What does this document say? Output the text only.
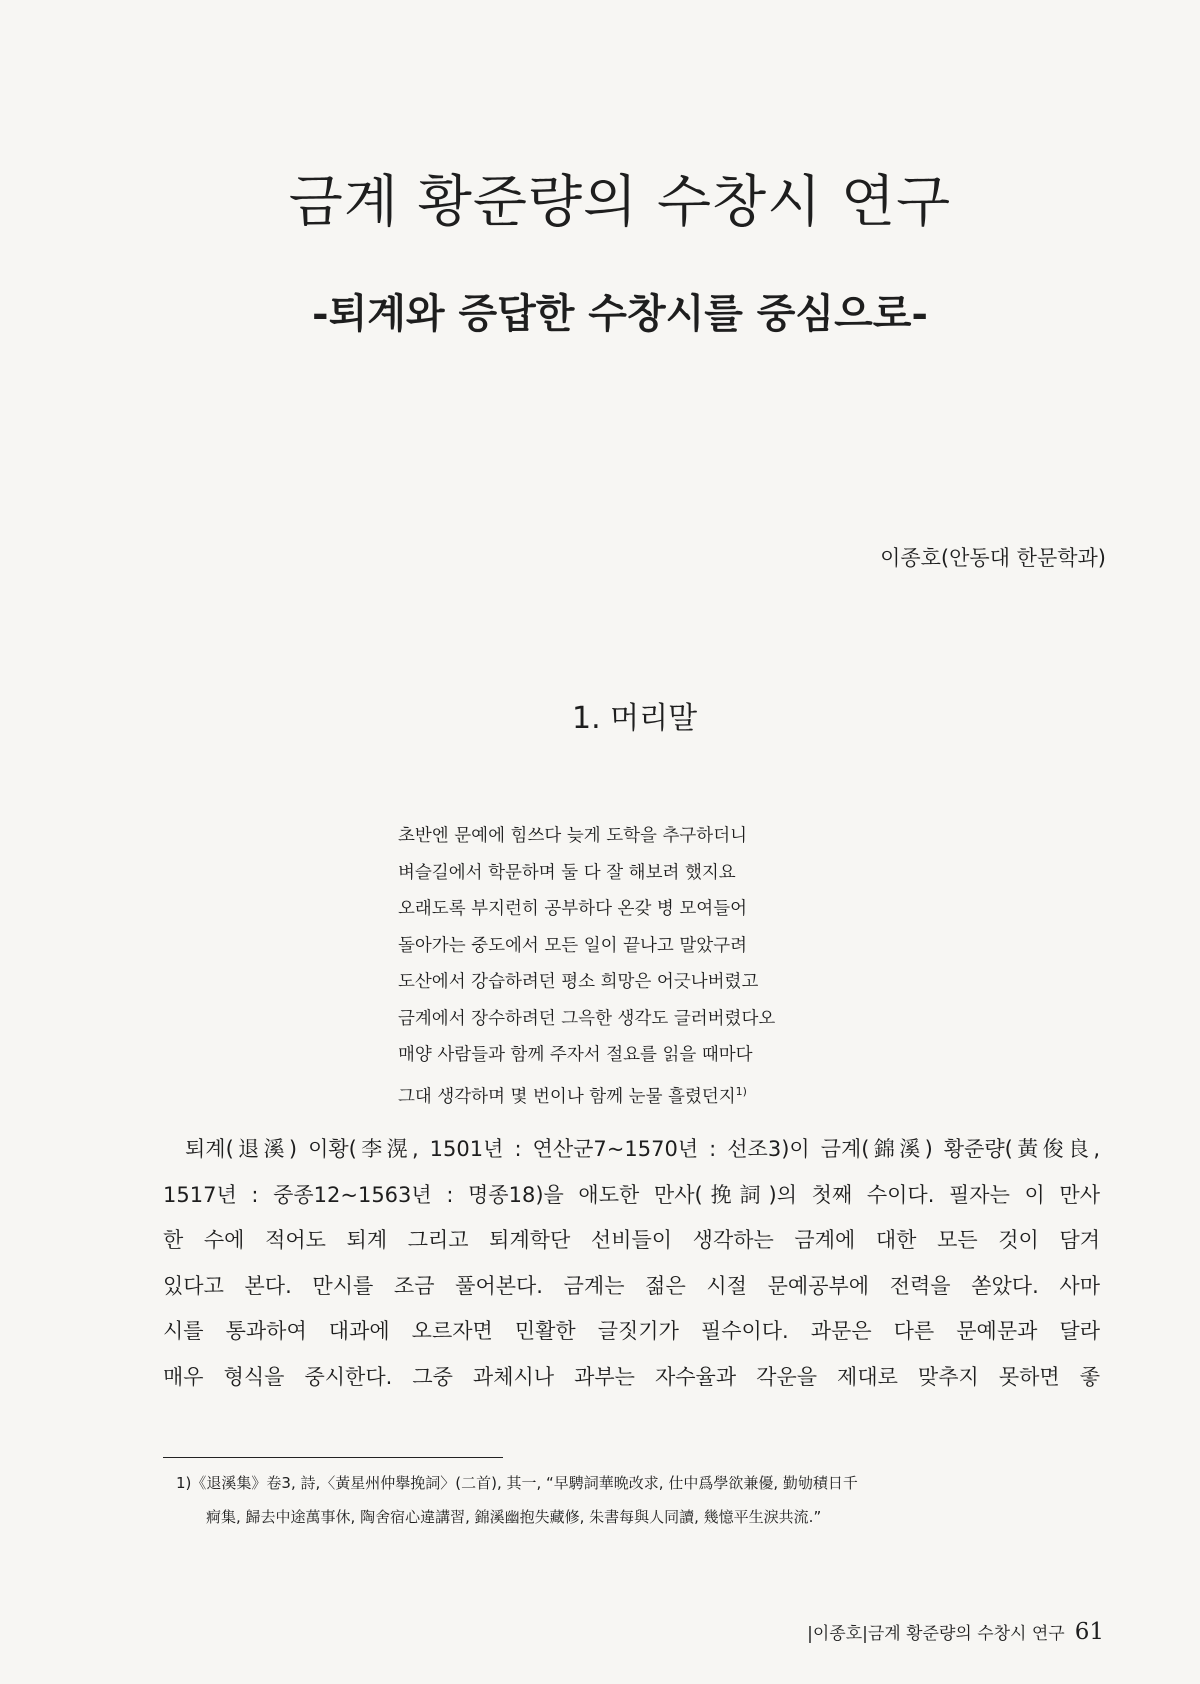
금계 황준량의 수창시 연구
-퇴계와 증답한 수창시를 중심으로-

이종호(안동대 한문학과)

1. 머리말
초반엔 문예에 힘쓰다 늦게 도학을 추구하더니
벼슬길에서 학문하며 둘 다 잘 해보려 했지요
오래도록 부지런히 공부하다 온갖 병 모여들어
돌아가는 중도에서 모든 일이 끝나고 말았구려
도산에서 강습하려던 평소 희망은 어긋나버렸고
금계에서 장수하려던 그윽한 생각도 글러버렸다오
매양 사람들과 함께 주자서 절요를 읽을 때마다
그대 생각하며 몇 번이나 함께 눈물 흘렸던지$^{1)}$
퇴계(退溪) 이황(李滉, 1501년 : 연산군7~1570년 : 선조3)이 금계(錦溪) 황준량(黃俊良,
1517년 : 중종12~1563년 : 명종18)을 애도한 만사(挽詞)의 첫째 수이다. 필자는 이 만사
한 수에 적어도 퇴계 그리고 퇴계학단 선비들이 생각하는 금계에 대한 모든 것이 담겨
있다고 본다. 만시를 조금 풀어본다. 금계는 젊은 시절 문예공부에 전력을 쏟았다. 사마
시를 통과하여 대과에 오르자면 민활한 글짓기가 필수이다. 과문은 다른 문예문과 달라
매우 형식을 중시한다. 그중 과체시나 과부는 자수율과 각운을 제대로 맞추지 못하면 좋
1)《退溪集》卷3, 詩,〈黃星州仲擧挽詞〉(二首), 其一, “早騁詞華晩改求, 仕中爲學欲兼優, 勤劬積日千
痾集, 歸去中途萬事休, 陶舍宿心違講習, 錦溪幽抱失藏修, 朱書每與人同讀, 幾憶平生淚共流.”

|이종호|금계 황준량의 수창시 연구 61
